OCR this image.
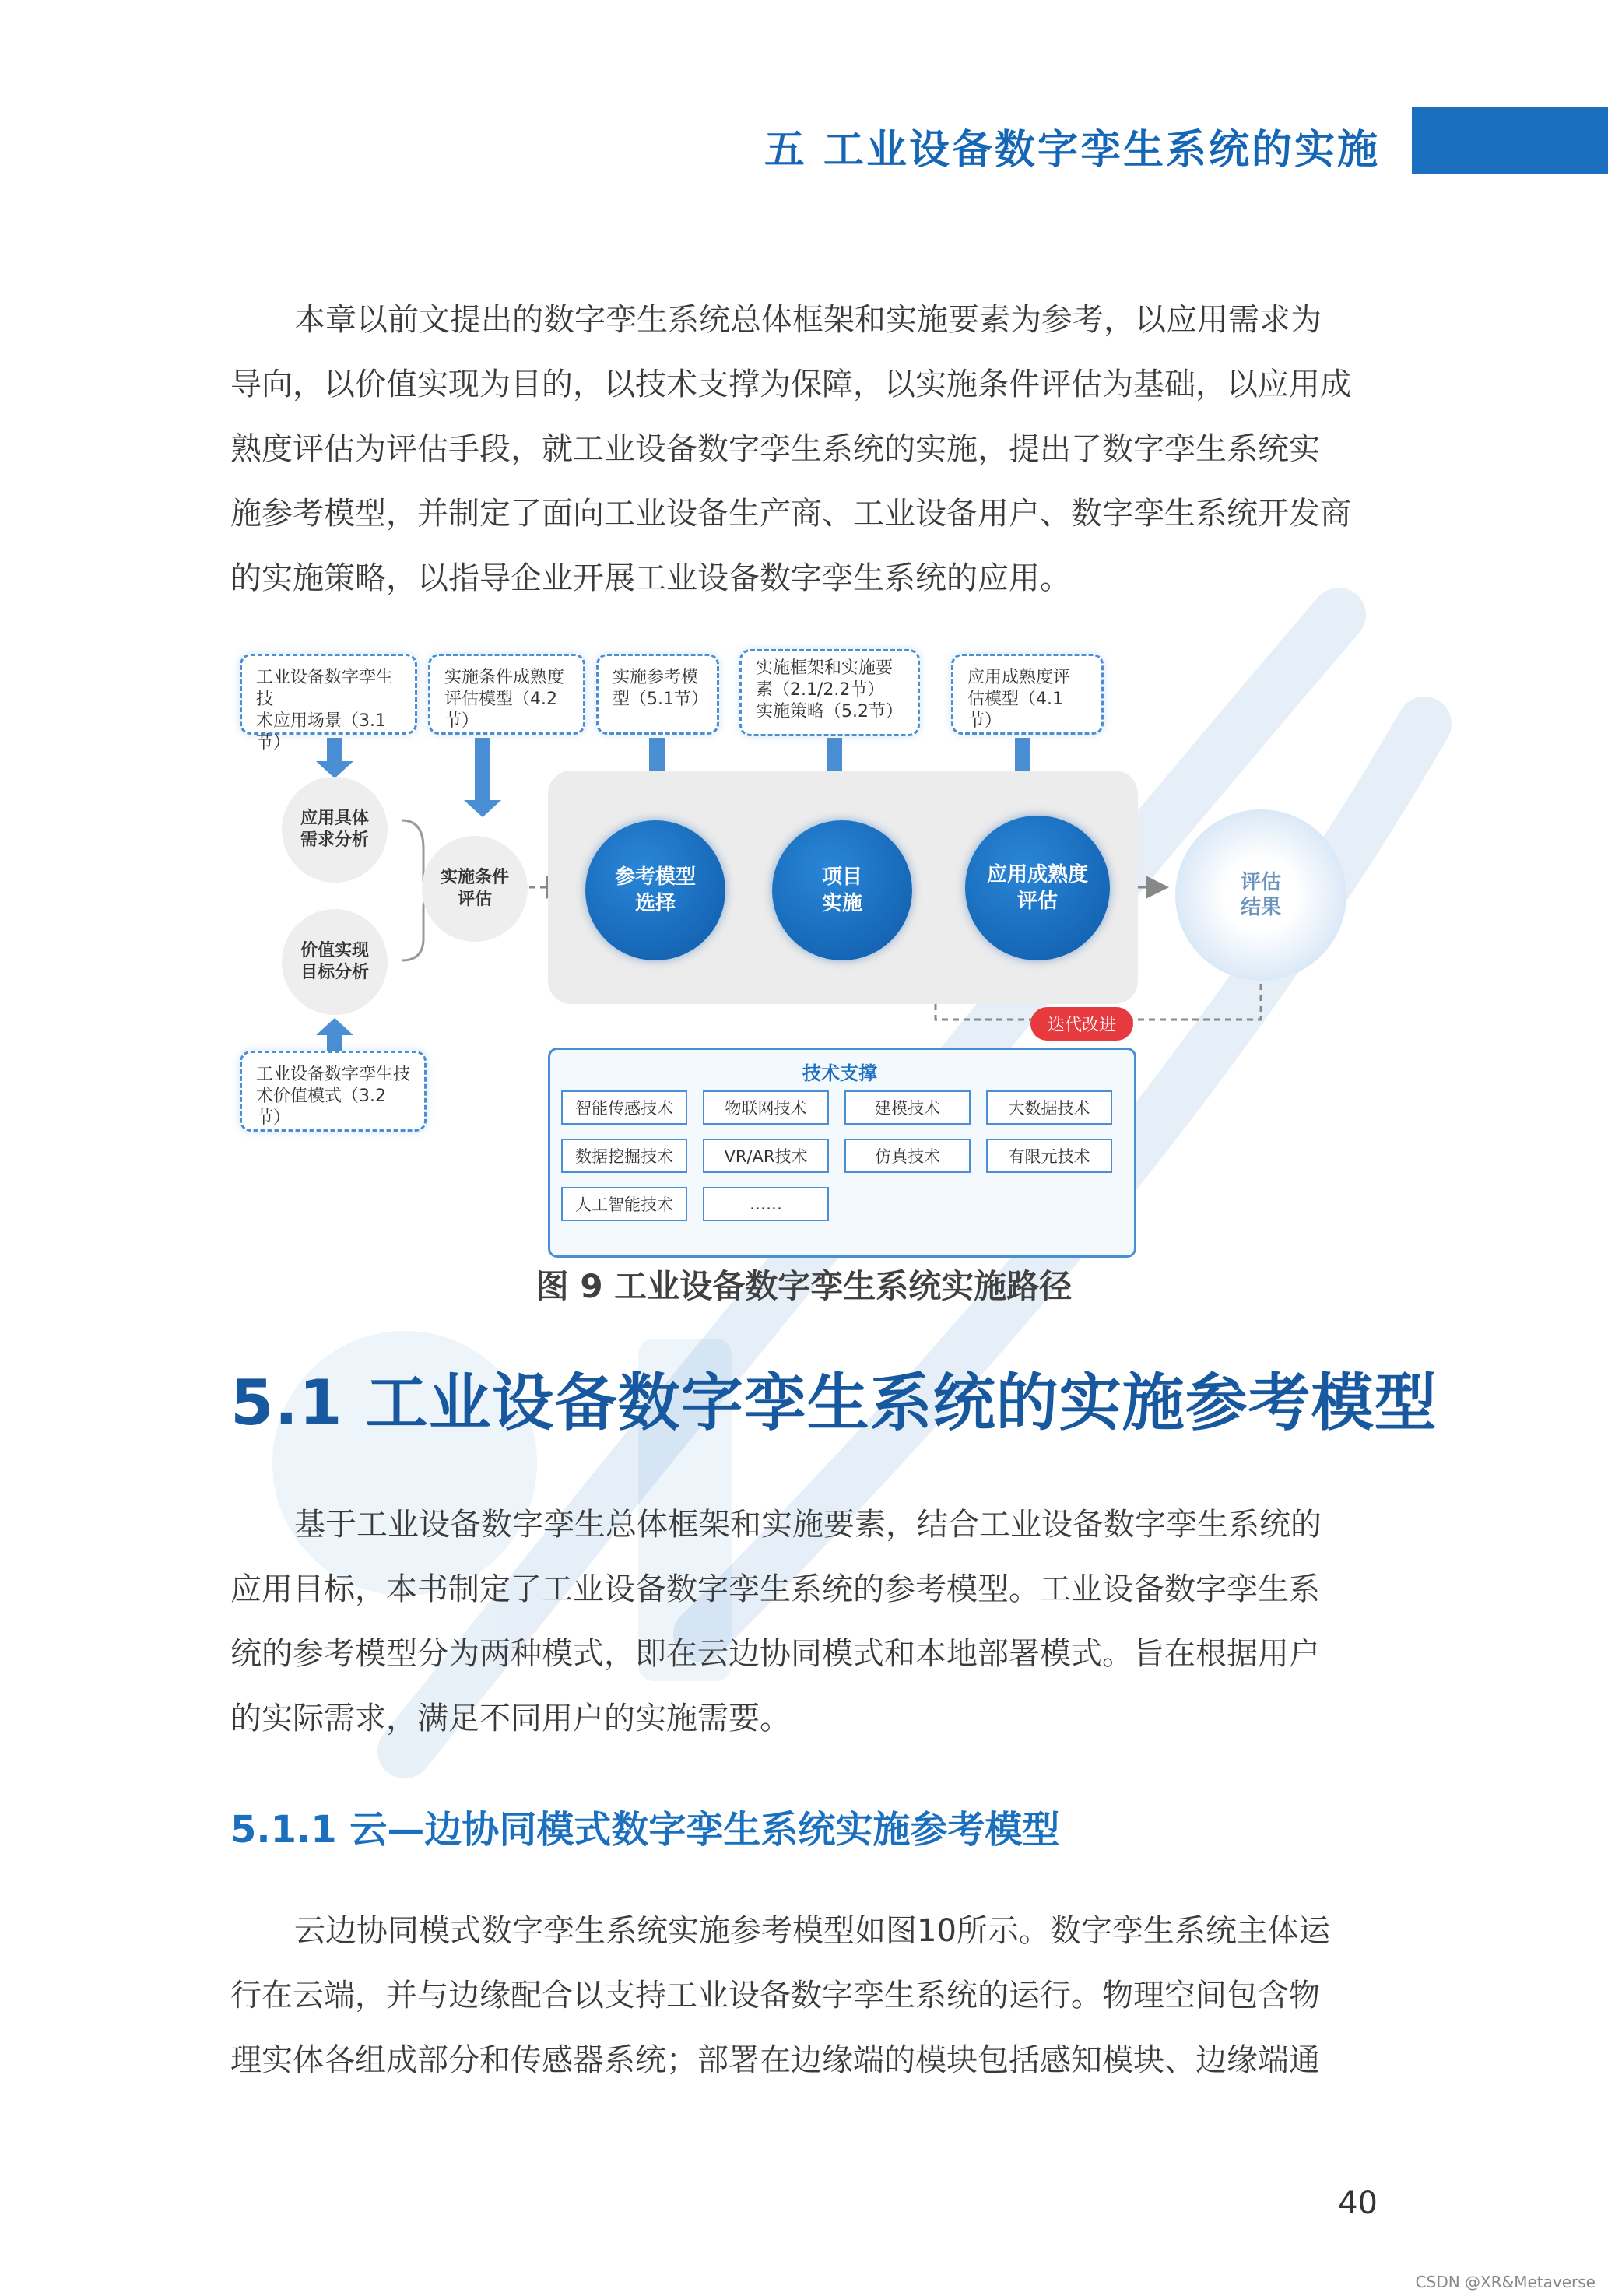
五 工业设备数字孪生系统的实施

本章以前文提出的数字孪生系统总体框架和实施要素为参考，以应用需求为
导向，以价值实现为目的，以技术支撑为保障，以实施条件评估为基础，以应用成
熟度评估为评估手段，就工业设备数字孪生系统的实施，提出了数字孪生系统实
施参考模型，并制定了面向工业设备生产商、工业设备用户、数字孪生系统开发商
的实施策略，以指导企业开展工业设备数字孪生系统的应用。

工业设备数字孪生技
术应用场景（3.1节）
实施条件成熟度
评估模型（4.2节）
实施参考模
型（5.1节）
实施框架和实施要
素（2.1/2.2节）
实施策略（5.2节）
应用成熟度评
估模型（4.1节）
应用具体
需求分析
价值实现
目标分析
实施条件
评估
参考模型
选择
项目
实施
应用成熟度
评估
评估
结果
迭代改进
工业设备数字孪生技
术价值模式（3.2节）
技术支撑
智能传感技术	物联网技术	建模技术	大数据技术
数据挖掘技术	VR/AR技术	仿真技术	有限元技术
人工智能技术	……
图 9 工业设备数字孪生系统实施路径
5.1 工业设备数字孪生系统的实施参考模型

基于工业设备数字孪生总体框架和实施要素，结合工业设备数字孪生系统的
应用目标，本书制定了工业设备数字孪生系统的参考模型。工业设备数字孪生系
统的参考模型分为两种模式，即在云边协同模式和本地部署模式。旨在根据用户
的实际需求，满足不同用户的实施需要。

5.1.1 云—边协同模式数字孪生系统实施参考模型

云边协同模式数字孪生系统实施参考模型如图10所示。数字孪生系统主体运
行在云端，并与边缘配合以支持工业设备数字孪生系统的运行。物理空间包含物
理实体各组成部分和传感器系统；部署在边缘端的模块包括感知模块、边缘端通

40
CSDN @XR&Metaverse
